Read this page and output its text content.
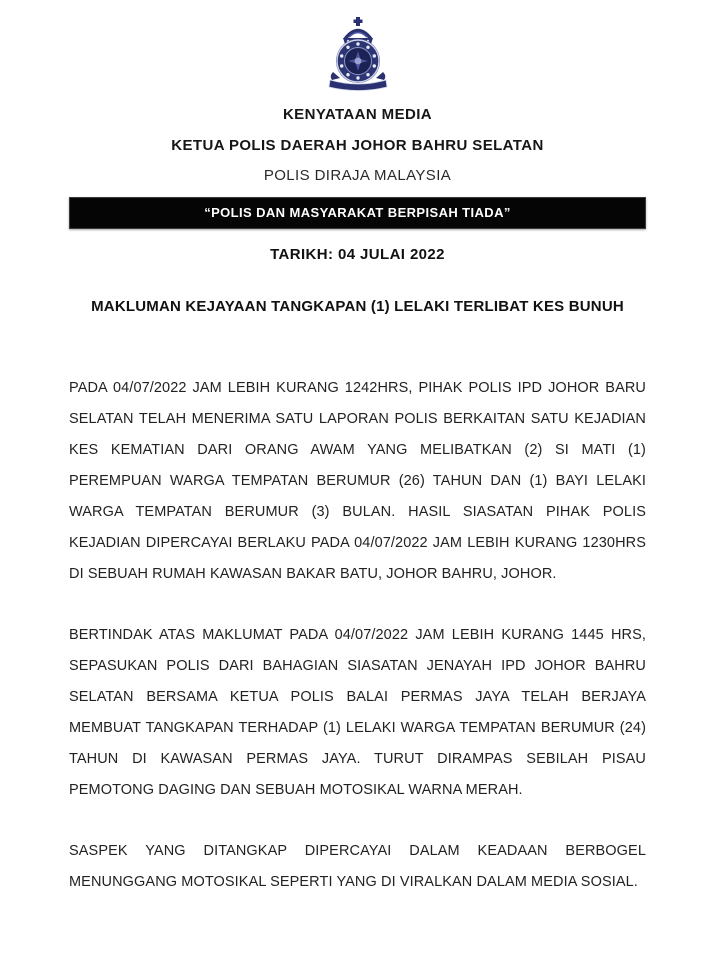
KENYATAAN MEDIA
KETUA POLIS DAERAH JOHOR BAHRU SELATAN
POLIS DIRAJA MALAYSIA
“POLIS DAN MASYARAKAT BERPISAH TIADA”
TARIKH: 04 JULAI 2022
MAKLUMAN KEJAYAAN TANGKAPAN (1) LELAKI TERLIBAT KES BUNUH

PADA 04/07/2022 JAM LEBIH KURANG 1242HRS, PIHAK POLIS IPD JOHOR BARU SELATAN TELAH MENERIMA SATU LAPORAN POLIS BERKAITAN SATU KEJADIAN KES KEMATIAN DARI ORANG AWAM YANG MELIBATKAN (2) SI MATI (1) PEREMPUAN WARGA TEMPATAN BERUMUR (26) TAHUN DAN (1) BAYI LELAKI WARGA TEMPATAN BERUMUR (3) BULAN. HASIL SIASATAN PIHAK POLIS KEJADIAN DIPERCAYAI BERLAKU PADA 04/07/2022 JAM LEBIH KURANG 1230HRS DI SEBUAH RUMAH KAWASAN BAKAR BATU, JOHOR BAHRU, JOHOR.

BERTINDAK ATAS MAKLUMAT PADA 04/07/2022 JAM LEBIH KURANG 1445 HRS, SEPASUKAN POLIS DARI BAHAGIAN SIASATAN JENAYAH IPD JOHOR BAHRU SELATAN BERSAMA KETUA POLIS BALAI PERMAS JAYA TELAH BERJAYA MEMBUAT TANGKAPAN TERHADAP (1) LELAKI WARGA TEMPATAN BERUMUR (24) TAHUN DI KAWASAN PERMAS JAYA. TURUT DIRAMPAS SEBILAH PISAU PEMOTONG DAGING DAN SEBUAH MOTOSIKAL WARNA MERAH.

SASPEK YANG DITANGKAP DIPERCAYAI DALAM KEADAAN BERBOGEL MENUNGGANG MOTOSIKAL SEPERTI YANG DI VIRALKAN DALAM MEDIA SOSIAL.
